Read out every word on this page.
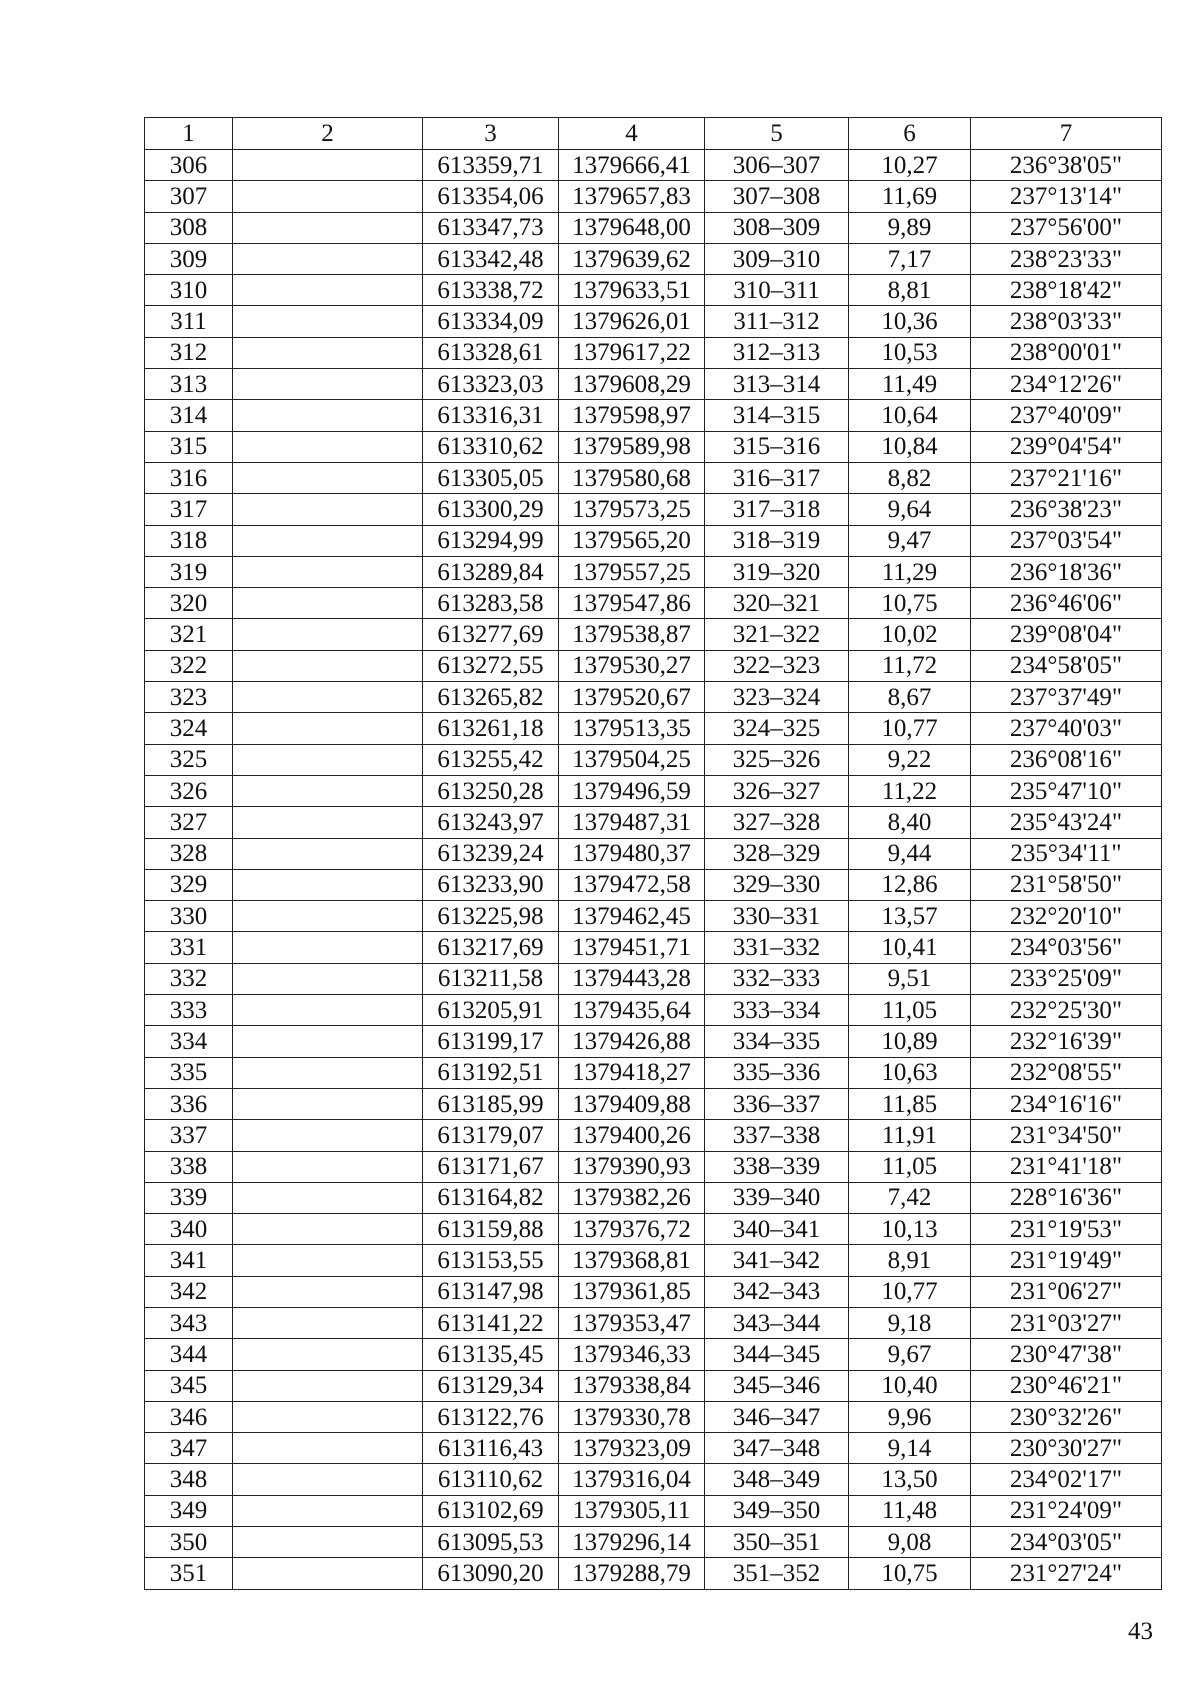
1	2	3	4	5	6	7
306		613359,71	1379666,41	306–307	10,27	236°38'05"
307		613354,06	1379657,83	307–308	11,69	237°13'14"
308		613347,73	1379648,00	308–309	9,89	237°56'00"
309		613342,48	1379639,62	309–310	7,17	238°23'33"
310		613338,72	1379633,51	310–311	8,81	238°18'42"
311		613334,09	1379626,01	311–312	10,36	238°03'33"
312		613328,61	1379617,22	312–313	10,53	238°00'01"
313		613323,03	1379608,29	313–314	11,49	234°12'26"
314		613316,31	1379598,97	314–315	10,64	237°40'09"
315		613310,62	1379589,98	315–316	10,84	239°04'54"
316		613305,05	1379580,68	316–317	8,82	237°21'16"
317		613300,29	1379573,25	317–318	9,64	236°38'23"
318		613294,99	1379565,20	318–319	9,47	237°03'54"
319		613289,84	1379557,25	319–320	11,29	236°18'36"
320		613283,58	1379547,86	320–321	10,75	236°46'06"
321		613277,69	1379538,87	321–322	10,02	239°08'04"
322		613272,55	1379530,27	322–323	11,72	234°58'05"
323		613265,82	1379520,67	323–324	8,67	237°37'49"
324		613261,18	1379513,35	324–325	10,77	237°40'03"
325		613255,42	1379504,25	325–326	9,22	236°08'16"
326		613250,28	1379496,59	326–327	11,22	235°47'10"
327		613243,97	1379487,31	327–328	8,40	235°43'24"
328		613239,24	1379480,37	328–329	9,44	235°34'11"
329		613233,90	1379472,58	329–330	12,86	231°58'50"
330		613225,98	1379462,45	330–331	13,57	232°20'10"
331		613217,69	1379451,71	331–332	10,41	234°03'56"
332		613211,58	1379443,28	332–333	9,51	233°25'09"
333		613205,91	1379435,64	333–334	11,05	232°25'30"
334		613199,17	1379426,88	334–335	10,89	232°16'39"
335		613192,51	1379418,27	335–336	10,63	232°08'55"
336		613185,99	1379409,88	336–337	11,85	234°16'16"
337		613179,07	1379400,26	337–338	11,91	231°34'50"
338		613171,67	1379390,93	338–339	11,05	231°41'18"
339		613164,82	1379382,26	339–340	7,42	228°16'36"
340		613159,88	1379376,72	340–341	10,13	231°19'53"
341		613153,55	1379368,81	341–342	8,91	231°19'49"
342		613147,98	1379361,85	342–343	10,77	231°06'27"
343		613141,22	1379353,47	343–344	9,18	231°03'27"
344		613135,45	1379346,33	344–345	9,67	230°47'38"
345		613129,34	1379338,84	345–346	10,40	230°46'21"
346		613122,76	1379330,78	346–347	9,96	230°32'26"
347		613116,43	1379323,09	347–348	9,14	230°30'27"
348		613110,62	1379316,04	348–349	13,50	234°02'17"
349		613102,69	1379305,11	349–350	11,48	231°24'09"
350		613095,53	1379296,14	350–351	9,08	234°03'05"
351		613090,20	1379288,79	351–352	10,75	231°27'24"
43
